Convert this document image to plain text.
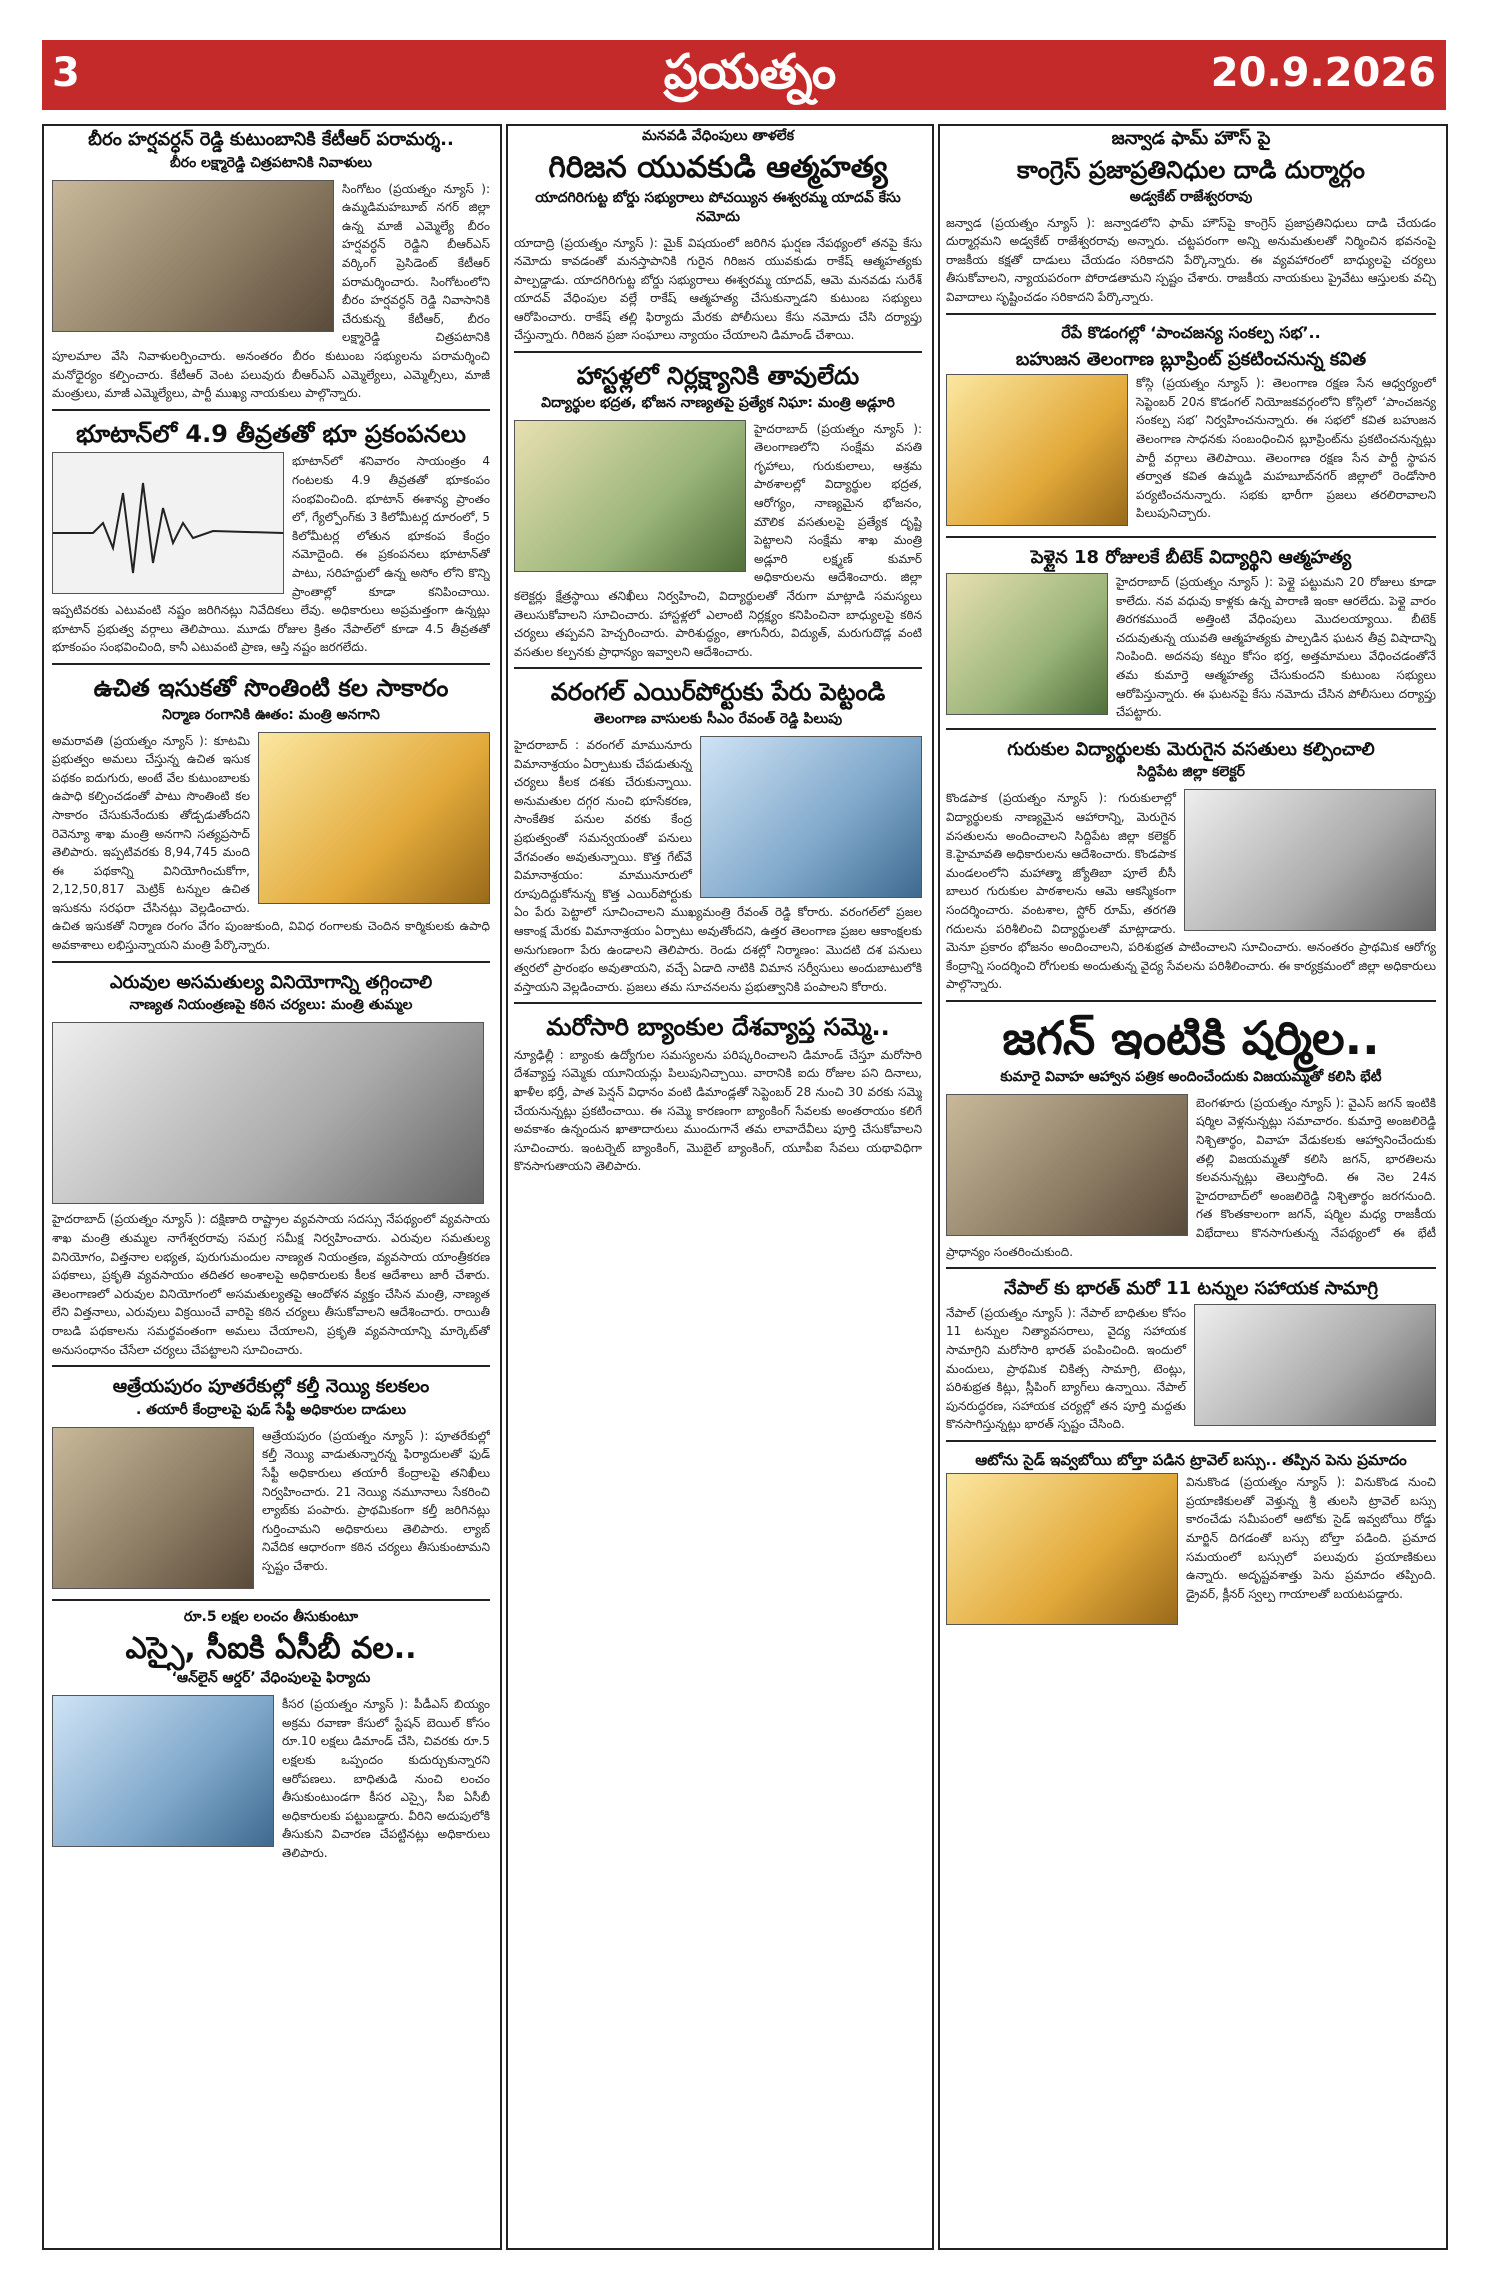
3	ప్రయత్నం	20.9.2026
బీరం హర్షవర్ధన్ రెడ్డి కుటుంబానికి కేటీఆర్ పరామర్శ..
బీరం లక్ష్మారెడ్డి చిత్రపటానికి నివాళులు
సింగోటం (ప్రయత్నం న్యూస్ ): ఉమ్మడిమహబూబ్ నగర్ జిల్లా ఉన్న మాజీ ఎమ్మెల్యే బీరం హర్షవర్ధన్ రెడ్డిని బీఆర్ఎస్ వర్కింగ్ ప్రెసిడెంట్ కేటీఆర్ పరామర్శించారు. సింగోటంలోని బీరం హర్షవర్ధన్ రెడ్డి నివాసానికి చేరుకున్న కేటీఆర్, బీరం లక్ష్మారెడ్డి చిత్రపటానికి పూలమాల వేసి నివాళులర్పించారు. అనంతరం బీరం కుటుంబ సభ్యులను పరామర్శించి మనోధైర్యం కల్పించారు. కేటీఆర్ వెంట పలువురు బీఆర్ఎస్ ఎమ్మెల్యేలు, ఎమ్మెల్సీలు, మాజీ మంత్రులు, మాజీ ఎమ్మెల్యేలు, పార్టీ ముఖ్య నాయకులు పాల్గొన్నారు.
భూటాన్‌లో 4.9 తీవ్రతతో భూ ప్రకంపనలు
భూటాన్‌లో శనివారం సాయంత్రం 4 గంటలకు 4.9 తీవ్రతతో భూకంపం సంభవించింది. భూటాన్ ఈశాన్య ప్రాంతం లో, గ్యేల్పోంగ్‌కు 3 కిలోమీటర్ల దూరంలో, 5 కిలోమీటర్ల లోతున భూకంప కేంద్రం నమోదైంది. ఈ ప్రకంపనలు భూటాన్‌తో పాటు, సరిహద్దులో ఉన్న అసోం లోని కొన్ని ప్రాంతాల్లో కూడా కనిపించాయి. ఇప్పటివరకు ఎటువంటి నష్టం జరిగినట్లు నివేదికలు లేవు. అధికారులు అప్రమత్తంగా ఉన్నట్లు భూటాన్ ప్రభుత్వ వర్గాలు తెలిపాయి. మూడు రోజుల క్రితం నేపాల్‌లో కూడా 4.5 తీవ్రతతో భూకంపం సంభవించింది, కానీ ఎటువంటి ప్రాణ, ఆస్తి నష్టం జరగలేదు.
ఉచిత ఇసుకతో సొంతింటి కల సాకారం
నిర్మాణ రంగానికి ఊతం: మంత్రి అనగాని
అమరావతి (ప్రయత్నం న్యూస్ ): కూటమి ప్రభుత్వం అమలు చేస్తున్న ఉచిత ఇసుక పథకం ఐదుగురు, అంటే వేల కుటుంబాలకు ఉపాధి కల్పించడంతో పాటు సొంతింటి కల సాకారం చేసుకునేందుకు తోడ్పడుతోందని రెవెన్యూ శాఖ మంత్రి అనగాని సత్యప్రసాద్ తెలిపారు. ఇప్పటివరకు 8,94,745 మంది ఈ పథకాన్ని వినియోగించుకోగా, 2,12,50,817 మెట్రిక్ టన్నుల ఉచిత ఇసుకను సరఫరా చేసినట్లు వెల్లడించారు. ఉచిత ఇసుకతో నిర్మాణ రంగం వేగం పుంజుకుంది, వివిధ రంగాలకు చెందిన కార్మికులకు ఉపాధి అవకాశాలు లభిస్తున్నాయని మంత్రి పేర్కొన్నారు.
ఎరువుల అసమతుల్య వినియోగాన్ని తగ్గించాలి
నాణ్యత నియంత్రణపై కఠిన చర్యలు: మంత్రి తుమ్మల
హైదరాబాద్ (ప్రయత్నం న్యూస్ ): దక్షిణాది రాష్ట్రాల వ్యవసాయ సదస్సు నేపథ్యంలో వ్యవసాయ శాఖ మంత్రి తుమ్మల నాగేశ్వరరావు సమగ్ర సమీక్ష నిర్వహించారు. ఎరువుల సమతుల్య వినియోగం, విత్తనాల లభ్యత, పురుగుమందుల నాణ్యత నియంత్రణ, వ్యవసాయ యాంత్రీకరణ పథకాలు, ప్రకృతి వ్యవసాయం తదితర అంశాలపై అధికారులకు కీలక ఆదేశాలు జారీ చేశారు. తెలంగాణలో ఎరువుల వినియోగంలో అసమతుల్యతపై ఆందోళన వ్యక్తం చేసిన మంత్రి, నాణ్యత లేని విత్తనాలు, ఎరువులు విక్రయించే వారిపై కఠిన చర్యలు తీసుకోవాలని ఆదేశించారు. రాయితీ రాబడి పథకాలను సమర్థవంతంగా అమలు చేయాలని, ప్రకృతి వ్యవసాయాన్ని మార్కెట్‌తో అనుసంధానం చేసేలా చర్యలు చేపట్టాలని సూచించారు.
ఆత్రేయపురం పూతరేకుల్లో కల్తీ నెయ్యి కలకలం
. తయారీ కేంద్రాలపై ఫుడ్ సేఫ్టీ అధికారుల దాడులు
ఆత్రేయపురం (ప్రయత్నం న్యూస్ ): పూతరేకుల్లో కల్తీ నెయ్యి వాడుతున్నారన్న ఫిర్యాదులతో ఫుడ్ సేఫ్టీ అధికారులు తయారీ కేంద్రాలపై తనిఖీలు నిర్వహించారు. 21 నెయ్యి నమూనాలు సేకరించి ల్యాబ్‌కు పంపారు. ప్రాథమికంగా కల్తీ జరిగినట్లు గుర్తించామని అధికారులు తెలిపారు. ల్యాబ్ నివేదిక ఆధారంగా కఠిన చర్యలు తీసుకుంటామని స్పష్టం చేశారు.
రూ.5 లక్షల లంచం తీసుకుంటూ
ఎస్సై, సీఐకి ఏసీబీ వల..
‘ఆన్‌లైన్ ఆర్డర్’ వేధింపులపై ఫిర్యాదు
కీసర (ప్రయత్నం న్యూస్ ): పీడీఎస్ బియ్యం అక్రమ రవాణా కేసులో స్టేషన్ బెయిల్ కోసం రూ.10 లక్షలు డిమాండ్ చేసి, చివరకు రూ.5 లక్షలకు ఒప్పందం కుదుర్చుకున్నారని ఆరోపణలు. బాధితుడి నుంచి లంచం తీసుకుంటుండగా కీసర ఎస్సై, సీఐ ఏసీబీ అధికారులకు పట్టుబడ్డారు. వీరిని అదుపులోకి తీసుకుని విచారణ చేపట్టినట్లు అధికారులు తెలిపారు.
మనవడి వేధింపులు తాళలేక
గిరిజన యువకుడి ఆత్మహత్య
యాదగిరిగుట్ట బోర్డు సభ్యురాలు పోచయ్యిన ఈశ్వరమ్మ యాదవ్ కేసు నమోదు
యాదాద్రి (ప్రయత్నం న్యూస్ ): మైక్ విషయంలో జరిగిన ఘర్షణ నేపథ్యంలో తనపై కేసు నమోదు కావడంతో మనస్తాపానికి గురైన గిరిజన యువకుడు రాకేష్ ఆత్మహత్యకు పాల్పడ్డాడు. యాదగిరిగుట్ట బోర్డు సభ్యురాలు ఈశ్వరమ్మ యాదవ్, ఆమె మనవడు సురేశ్ యాదవ్ వేధింపుల వల్లే రాకేష్ ఆత్మహత్య చేసుకున్నాడని కుటుంబ సభ్యులు ఆరోపించారు. రాకేష్ తల్లి ఫిర్యాదు మేరకు పోలీసులు కేసు నమోదు చేసి దర్యాప్తు చేస్తున్నారు. గిరిజన ప్రజా సంఘాలు న్యాయం చేయాలని డిమాండ్ చేశాయి.
హాస్టళ్లలో నిర్లక్ష్యానికి తావులేదు
విద్యార్థుల భద్రత, భోజన నాణ్యతపై ప్రత్యేక నిఘా: మంత్రి అడ్లూరి
హైదరాబాద్ (ప్రయత్నం న్యూస్ ): తెలంగాణలోని సంక్షేమ వసతి గృహాలు, గురుకులాలు, ఆశ్రమ పాఠశాలల్లో విద్యార్థుల భద్రత, ఆరోగ్యం, నాణ్యమైన భోజనం, మౌలిక వసతులపై ప్రత్యేక దృష్టి పెట్టాలని సంక్షేమ శాఖ మంత్రి అడ్లూరి లక్ష్మణ్ కుమార్ అధికారులను ఆదేశించారు. జిల్లా కలెక్టర్లు క్షేత్రస్థాయి తనిఖీలు నిర్వహించి, విద్యార్థులతో నేరుగా మాట్లాడి సమస్యలు తెలుసుకోవాలని సూచించారు. హాస్టళ్లలో ఎలాంటి నిర్లక్ష్యం కనిపించినా బాధ్యులపై కఠిన చర్యలు తప్పవని హెచ్చరించారు. పారిశుద్ధ్యం, తాగునీరు, విద్యుత్, మరుగుదొడ్ల వంటి వసతుల కల్పనకు ప్రాధాన్యం ఇవ్వాలని ఆదేశించారు.
వరంగల్ ఎయిర్‌పోర్టుకు పేరు పెట్టండి
తెలంగాణ వాసులకు సీఎం రేవంత్ రెడ్డి పిలుపు
హైదరాబాద్ : వరంగల్ మామునూరు విమానాశ్రయం ఏర్పాటుకు చేపడుతున్న చర్యలు కీలక దశకు చేరుకున్నాయి. అనుమతుల దగ్గర నుంచి భూసేకరణ, సాంకేతిక పనుల వరకు కేంద్ర ప్రభుత్వంతో సమన్వయంతో పనులు వేగవంతం అవుతున్నాయి. కొత్త గేట్‌వే విమానాశ్రయం: మామునూరులో రూపుదిద్దుకోనున్న కొత్త ఎయిర్‌పోర్టుకు ఏం పేరు పెట్టాలో సూచించాలని ముఖ్యమంత్రి రేవంత్ రెడ్డి కోరారు. వరంగల్‌లో ప్రజల ఆకాంక్ష మేరకు విమానాశ్రయం ఏర్పాటు అవుతోందని, ఉత్తర తెలంగాణ ప్రజల ఆకాంక్షలకు అనుగుణంగా పేరు ఉండాలని తెలిపారు. రెండు దశల్లో నిర్మాణం: మొదటి దశ పనులు త్వరలో ప్రారంభం అవుతాయని, వచ్చే ఏడాది నాటికి విమాన సర్వీసులు అందుబాటులోకి వస్తాయని వెల్లడించారు. ప్రజలు తమ సూచనలను ప్రభుత్వానికి పంపాలని కోరారు.
మరోసారి బ్యాంకుల దేశవ్యాప్త సమ్మె..
న్యూఢిల్లీ : బ్యాంకు ఉద్యోగుల సమస్యలను పరిష్కరించాలని డిమాండ్ చేస్తూ మరోసారి దేశవ్యాప్త సమ్మెకు యూనియన్లు పిలుపునిచ్చాయి. వారానికి ఐదు రోజుల పని దినాలు, ఖాళీల భర్తీ, పాత పెన్షన్ విధానం వంటి డిమాండ్లతో సెప్టెంబర్ 28 నుంచి 30 వరకు సమ్మె చేయనున్నట్లు ప్రకటించాయి. ఈ సమ్మె కారణంగా బ్యాంకింగ్ సేవలకు అంతరాయం కలిగే అవకాశం ఉన్నందున ఖాతాదారులు ముందుగానే తమ లావాదేవీలు పూర్తి చేసుకోవాలని సూచించారు. ఇంటర్నెట్ బ్యాంకింగ్, మొబైల్ బ్యాంకింగ్, యూపీఐ సేవలు యథావిధిగా కొనసాగుతాయని తెలిపారు.
జన్వాడ ఫామ్ హౌస్ పై
కాంగ్రెస్ ప్రజాప్రతినిధుల దాడి దుర్మార్గం
అడ్వకేట్ రాజేశ్వరరావు
జన్వాడ (ప్రయత్నం న్యూస్ ): జన్వాడలోని ఫామ్ హౌస్‌పై కాంగ్రెస్ ప్రజాప్రతినిధులు దాడి చేయడం దుర్మార్గమని అడ్వకేట్ రాజేశ్వరరావు అన్నారు. చట్టపరంగా అన్ని అనుమతులతో నిర్మించిన భవనంపై రాజకీయ కక్షతో దాడులు చేయడం సరికాదని పేర్కొన్నారు. ఈ వ్యవహారంలో బాధ్యులపై చర్యలు తీసుకోవాలని, న్యాయపరంగా పోరాడతామని స్పష్టం చేశారు. రాజకీయ నాయకులు ప్రైవేటు ఆస్తులకు వచ్చి వివాదాలు సృష్టించడం సరికాదని పేర్కొన్నారు.
రేపే కొడంగల్లో ‘పాంచజన్య సంకల్ప సభ’..
బహుజన తెలంగాణ బ్లూప్రింట్ ప్రకటించనున్న కవిత
కోస్గి (ప్రయత్నం న్యూస్ ): తెలంగాణ రక్షణ సేన ఆధ్వర్యంలో సెప్టెంబర్ 20న కొడంగల్ నియోజకవర్గంలోని కోస్గిలో ‘పాంచజన్య సంకల్ప సభ’ నిర్వహించనున్నారు. ఈ సభలో కవిత బహుజన తెలంగాణ సాధనకు సంబంధించిన బ్లూప్రింట్‌ను ప్రకటించనున్నట్లు పార్టీ వర్గాలు తెలిపాయి. తెలంగాణ రక్షణ సేన పార్టీ స్థాపన తర్వాత కవిత ఉమ్మడి మహబూబ్‌నగర్ జిల్లాలో రెండోసారి పర్యటించనున్నారు. సభకు భారీగా ప్రజలు తరలిరావాలని పిలుపునిచ్చారు.
పెళ్లైన 18 రోజులకే బీటెక్ విద్యార్థిని ఆత్మహత్య
హైదరాబాద్ (ప్రయత్నం న్యూస్ ): పెళ్లై పట్టుమని 20 రోజులు కూడా కాలేదు. నవ వధువు కాళ్లకు ఉన్న పారాణి ఇంకా ఆరలేదు. పెళ్లై వారం తిరగకముందే అత్తింటి వేధింపులు మొదలయ్యాయి. బీటెక్ చదువుతున్న యువతి ఆత్మహత్యకు పాల్పడిన ఘటన తీవ్ర విషాదాన్ని నింపింది. అదనపు కట్నం కోసం భర్త, అత్తమామలు వేధించడంతోనే తమ కుమార్తె ఆత్మహత్య చేసుకుందని కుటుంబ సభ్యులు ఆరోపిస్తున్నారు. ఈ ఘటనపై కేసు నమోదు చేసిన పోలీసులు దర్యాప్తు చేపట్టారు.
గురుకుల విద్యార్థులకు మెరుగైన వసతులు కల్పించాలి
సిద్దిపేట జిల్లా కలెక్టర్
కొండపాక (ప్రయత్నం న్యూస్ ): గురుకులాల్లో విద్యార్థులకు నాణ్యమైన ఆహారాన్ని, మెరుగైన వసతులను అందించాలని సిద్దిపేట జిల్లా కలెక్టర్ కె.హైమావతి అధికారులను ఆదేశించారు. కొండపాక మండలంలోని మహాత్మా జ్యోతిబా పూలే బీసీ బాలుర గురుకుల పాఠశాలను ఆమె ఆకస్మికంగా సందర్శించారు. వంటశాల, స్టోర్ రూమ్, తరగతి గదులను పరిశీలించి విద్యార్థులతో మాట్లాడారు. మెనూ ప్రకారం భోజనం అందించాలని, పరిశుభ్రత పాటించాలని సూచించారు. అనంతరం ప్రాథమిక ఆరోగ్య కేంద్రాన్ని సందర్శించి రోగులకు అందుతున్న వైద్య సేవలను పరిశీలించారు. ఈ కార్యక్రమంలో జిల్లా అధికారులు పాల్గొన్నారు.
జగన్ ఇంటికి షర్మిల..
కుమారై వివాహ ఆహ్వాన పత్రిక అందించేందుకు విజయమ్మతో కలిసి భేటీ
బెంగళూరు (ప్రయత్నం న్యూస్ ): వైఎస్ జగన్ ఇంటికి షర్మిల వెళ్లనున్నట్లు సమాచారం. కుమార్తె అంజలిరెడ్డి నిశ్చితార్థం, వివాహ వేడుకలకు ఆహ్వానించేందుకు తల్లి విజయమ్మతో కలిసి జగన్, భారతిలను కలవనున్నట్లు తెలుస్తోంది. ఈ నెల 24న హైదరాబాద్‌లో అంజలిరెడ్డి నిశ్చితార్థం జరగనుంది. గత కొంతకాలంగా జగన్, షర్మిల మధ్య రాజకీయ విభేదాలు కొనసాగుతున్న నేపథ్యంలో ఈ భేటీ ప్రాధాన్యం సంతరించుకుంది.
నేపాల్ కు భారత్ మరో 11 టన్నుల సహాయక సామాగ్రి
నేపాల్ (ప్రయత్నం న్యూస్ ): నేపాల్ బాధితుల కోసం 11 టన్నుల నిత్యావసరాలు, వైద్య సహాయక సామాగ్రిని మరోసారి భారత్ పంపించింది. ఇందులో మందులు, ప్రాథమిక చికిత్స సామాగ్రి, టెంట్లు, పరిశుభ్రత కిట్లు, స్లీపింగ్ బ్యాగ్‌లు ఉన్నాయి. నేపాల్ పునరుద్ధరణ, సహాయక చర్యల్లో తన పూర్తి మద్దతు కొనసాగిస్తున్నట్లు భారత్ స్పష్టం చేసింది.
ఆటోను సైడ్ ఇవ్వబోయి బోల్తా పడిన ట్రావెల్ బస్సు.. తప్పిన పెను ప్రమాదం
వినుకొండ (ప్రయత్నం న్యూస్ ): వినుకొండ నుంచి ప్రయాణికులతో వెళ్తున్న శ్రీ తులసి ట్రావెల్ బస్సు కారంచేడు సమీపంలో ఆటోకు సైడ్ ఇవ్వబోయి రోడ్డు మార్జిన్ దిగడంతో బస్సు బోల్తా పడింది. ప్రమాద సమయంలో బస్సులో పలువురు ప్రయాణికులు ఉన్నారు. అదృష్టవశాత్తు పెను ప్రమాదం తప్పింది. డ్రైవర్, క్లీనర్ స్వల్ప గాయాలతో బయటపడ్డారు.
